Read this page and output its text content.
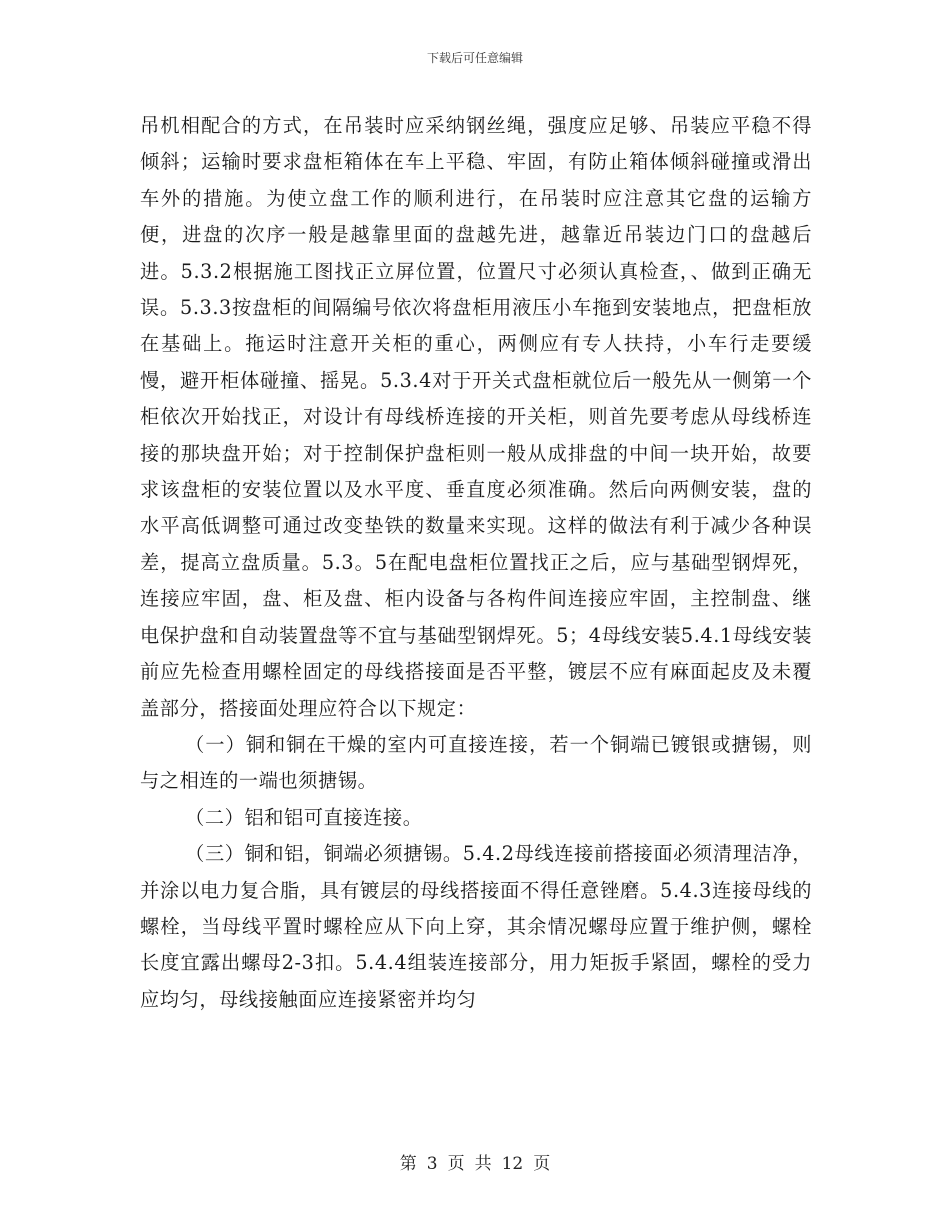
下载后可任意编辑

吊机相配合的方式，在吊装时应采纳钢丝绳，强度应足够、吊装应平稳不得倾斜；运输时要求盘柜箱体在车上平稳、牢固，有防止箱体倾斜碰撞或滑出车外的措施。为使立盘工作的顺利进行，在吊装时应注意其它盘的运输方便，进盘的次序一般是越靠里面的盘越先进，越靠近吊装边门口的盘越后进。5.3.2根据施工图找正立屏位置，位置尺寸必须认真检查，、做到正确无误。5.3.3按盘柜的间隔编号依次将盘柜用液压小车拖到安装地点，把盘柜放在基础上。拖运时注意开关柜的重心，两侧应有专人扶持，小车行走要缓慢，避开柜体碰撞、摇晃。5.3.4对于开关式盘柜就位后一般先从一侧第一个柜依次开始找正，对设计有母线桥连接的开关柜，则首先要考虑从母线桥连接的那块盘开始；对于控制保护盘柜则一般从成排盘的中间一块开始，故要求该盘柜的安装位置以及水平度、垂直度必须准确。然后向两侧安装，盘的水平高低调整可通过改变垫铁的数量来实现。这样的做法有利于减少各种误差，提高立盘质量。5.3。5在配电盘柜位置找正之后，应与基础型钢焊死，连接应牢固，盘、柜及盘、柜内设备与各构件间连接应牢固，主控制盘、继电保护盘和自动装置盘等不宜与基础型钢焊死。5；4母线安装5.4.1母线安装前应先检查用螺栓固定的母线搭接面是否平整，镀层不应有麻面起皮及未覆盖部分，搭接面处理应符合以下规定：

（一）铜和铜在干燥的室内可直接连接，若一个铜端已镀银或搪锡，则与之相连的一端也须搪锡。

（二）铝和铝可直接连接。

（三）铜和铝，铜端必须搪锡。5.4.2母线连接前搭接面必须清理洁净，并涂以电力复合脂，具有镀层的母线搭接面不得任意锉磨。5.4.3连接母线的螺栓，当母线平置时螺栓应从下向上穿，其余情况螺母应置于维护侧，螺栓长度宜露出螺母2-3扣。5.4.4组装连接部分，用力矩扳手紧固，螺栓的受力应均匀，母线接触面应连接紧密并均匀

第 3 页 共 12 页
